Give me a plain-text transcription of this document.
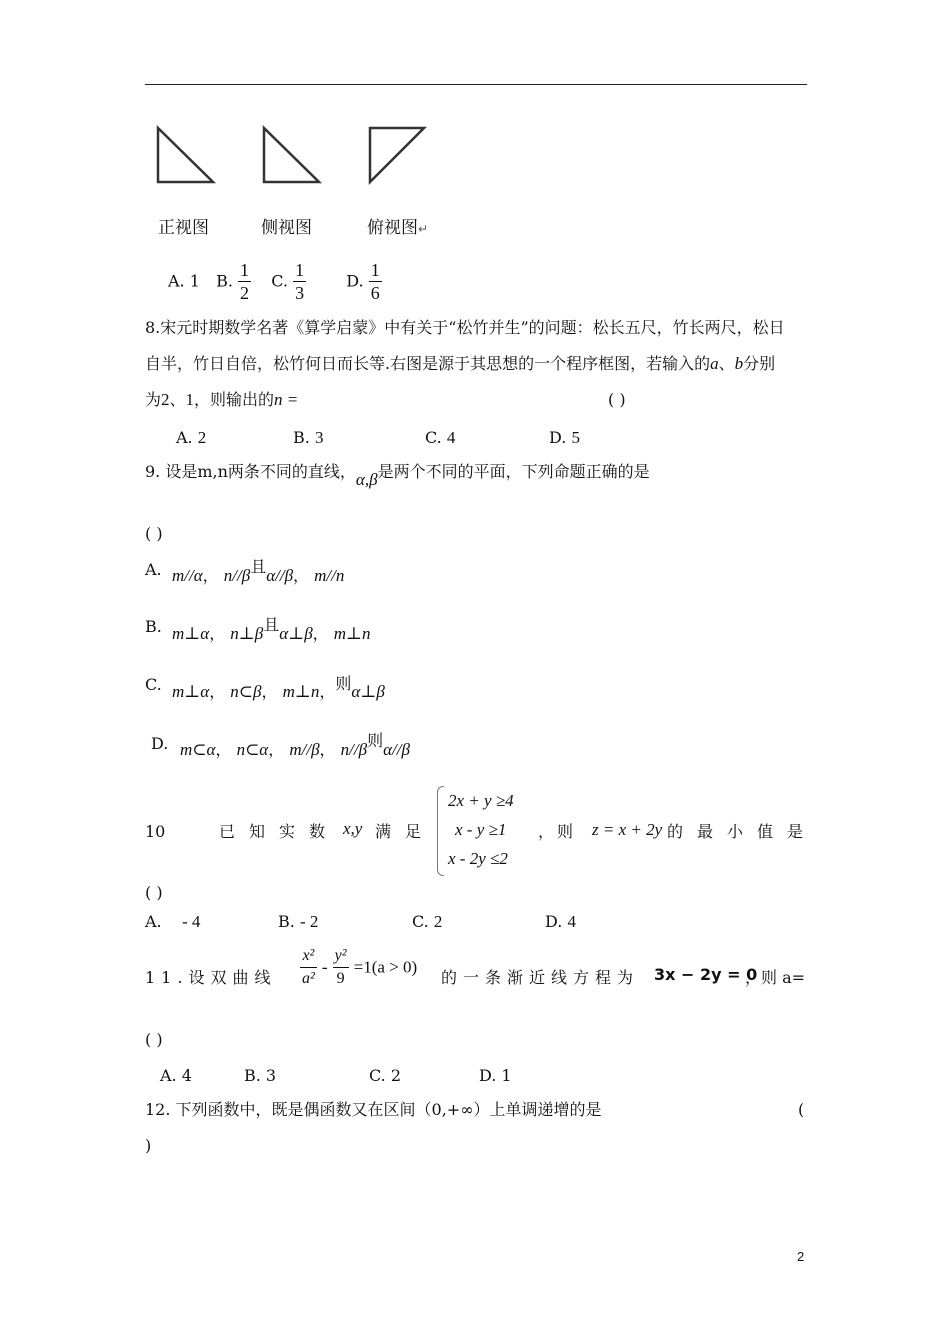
正视图	侧视图	俯视图↵
A. 1 B. $\frac{1}{2} C$. $\frac{1}{3}$	D. $\frac{1}{6}$
8.宋元时期数学名著《算学启蒙》中有关于“松竹并生”的问题：松长五尺，竹长两尺，松日
自半，竹日自倍，松竹何日而长等.右图是源于其思想的一个程序框图，若输入的a、b分别
为2、1，则输出的n =	( )
A. 2	B. 3	C. 4	D. 5
9. 设是m,n两条不同的直线，α,β是两个不同的平面，下列命题正确的是
( )
A. m//α， n//β且α//β， m//n
B. m⊥α， n⊥β且α⊥β， m⊥n
C. m⊥α， n⊂β， m⊥n，则α⊥β
D. m⊂α， n⊂α， m//β， n//β则α//β
10	已知实数 x,y 满足
2x + y ≥4
x - y ≥1
x - 2y ≤2
， 则 z = x + 2y 的最小值是
( )
A. - 4	B. - 2	C. 2	D. 4
11.设双曲线 $\frac{\text{x²}}{\text{a²}} - \frac{\text{y²}}{9} =1(a > 0)$
的一条渐近线方程为 3x − 2y = 0
，则 a=
( )
A. 4	B. 3	C. 2	D. 1
12. 下列函数中，既是偶函数又在区间（0,+∞）上单调递增的是	(
)
2
